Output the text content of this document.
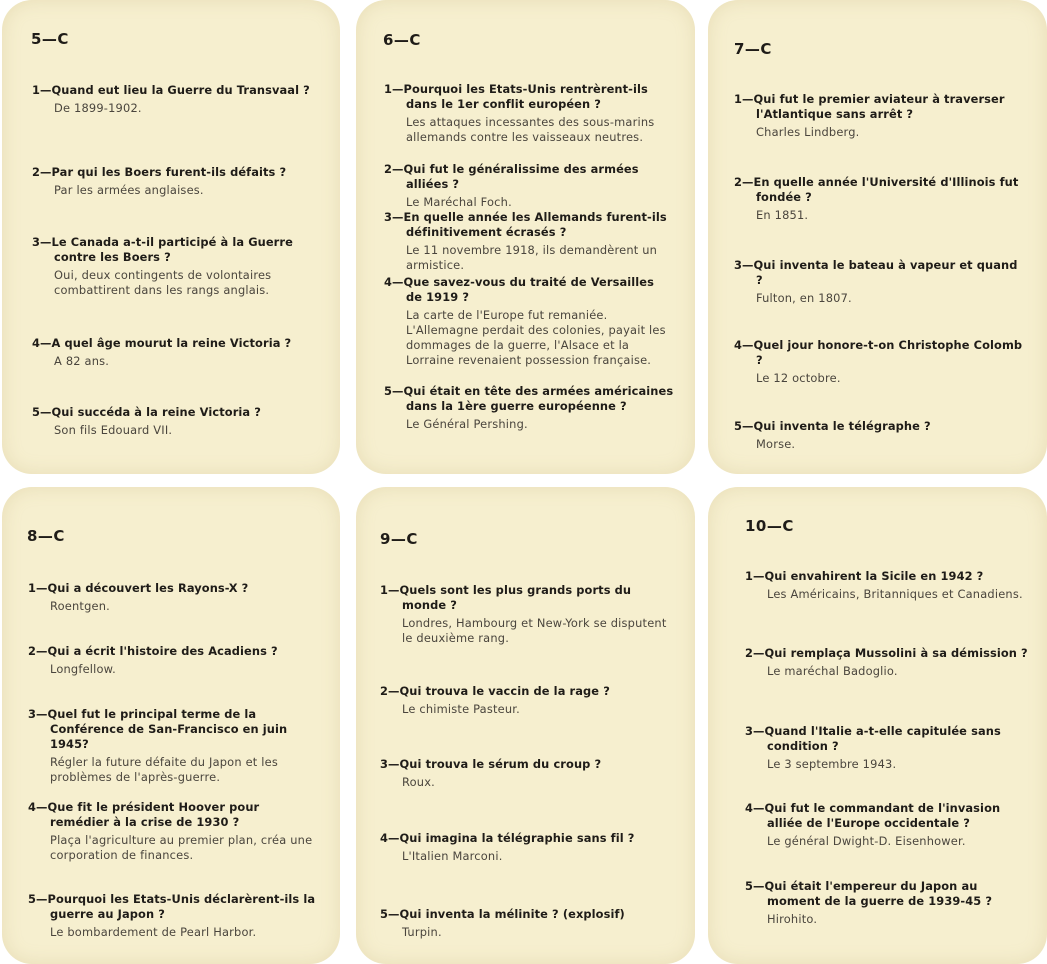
5—C
1—Quand eut lieu la Guerre du Transvaal ?
De 1899-1902.
2—Par qui les Boers furent-ils défaits ?
Par les armées anglaises.
3—Le Canada a-t-il participé à la Guerre contre les Boers ?
Oui, deux contingents de volontaires combattirent dans les rangs anglais.
4—A quel âge mourut la reine Victoria ?
A 82 ans.
5—Qui succéda à la reine Victoria ?
Son fils Edouard VII.
6—C
1—Pourquoi les Etats-Unis rentrèrent-ils dans le 1er conflit européen ?
Les attaques incessantes des sous-marins allemands contre les vaisseaux neutres.
2—Qui fut le généralissime des armées alliées ?
Le Maréchal Foch.
3—En quelle année les Allemands furent-ils définitivement écrasés ?
Le 11 novembre 1918, ils demandèrent un armistice.
4—Que savez-vous du traité de Versailles de 1919 ?
La carte de l'Europe fut remaniée. L'Allemagne perdait des colonies, payait les dommages de la guerre, l'Alsace et la Lorraine revenaient possession française.
5—Qui était en tête des armées américaines dans la 1ère guerre européenne ?
Le Général Pershing.
7—C
1—Qui fut le premier aviateur à traverser l'Atlantique sans arrêt ?
Charles Lindberg.
2—En quelle année l'Université d'Illinois fut fondée ?
En 1851.
3—Qui inventa le bateau à vapeur et quand ?
Fulton, en 1807.
4—Quel jour honore-t-on Christophe Colomb ?
Le 12 octobre.
5—Qui inventa le télégraphe ?
Morse.
8—C
1—Qui a découvert les Rayons-X ?
Roentgen.
2—Qui a écrit l'histoire des Acadiens ?
Longfellow.
3—Quel fut le principal terme de la Conférence de San-Francisco en juin 1945?
Régler la future défaite du Japon et les problèmes de l'après-guerre.
4—Que fit le président Hoover pour remédier à la crise de 1930 ?
Plaça l'agriculture au premier plan, créa une corporation de finances.
5—Pourquoi les Etats-Unis déclarèrent-ils la guerre au Japon ?
Le bombardement de Pearl Harbor.
9—C
1—Quels sont les plus grands ports du monde ?
Londres, Hambourg et New-York se disputent le deuxième rang.
2—Qui trouva le vaccin de la rage ?
Le chimiste Pasteur.
3—Qui trouva le sérum du croup ?
Roux.
4—Qui imagina la télégraphie sans fil ?
L'Italien Marconi.
5—Qui inventa la mélinite ? (explosif)
Turpin.
10—C
1—Qui envahirent la Sicile en 1942 ?
Les Américains, Britanniques et Canadiens.
2—Qui remplaça Mussolini à sa démission ?
Le maréchal Badoglio.
3—Quand l'Italie a-t-elle capitulée sans condition ?
Le 3 septembre 1943.
4—Qui fut le commandant de l'invasion alliée de l'Europe occidentale ?
Le général Dwight-D. Eisenhower.
5—Qui était l'empereur du Japon au moment de la guerre de 1939-45 ?
Hirohito.
